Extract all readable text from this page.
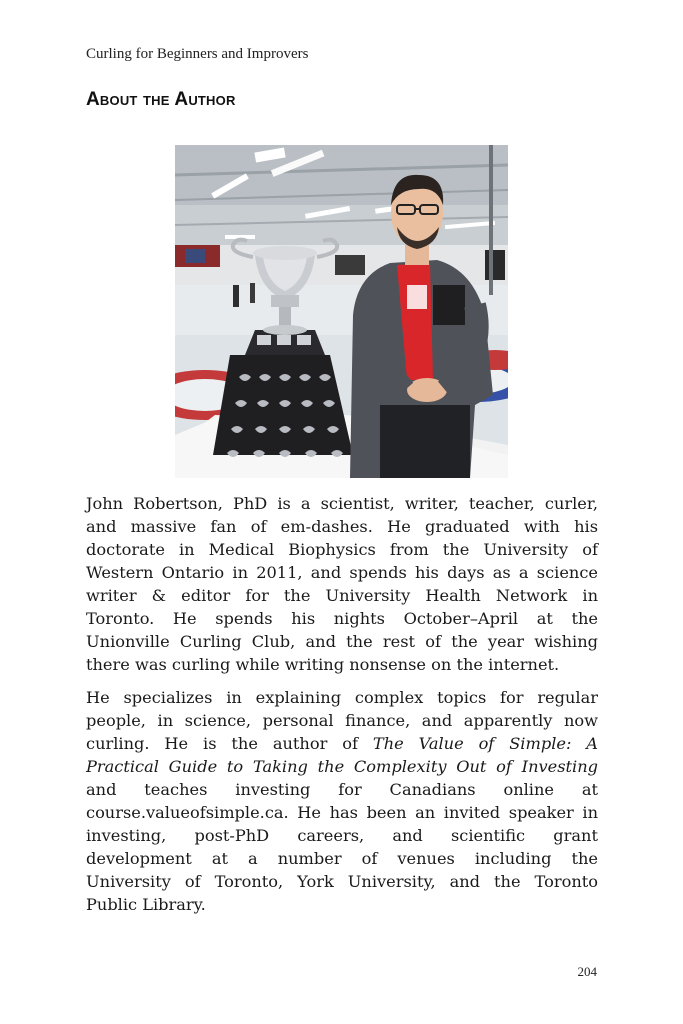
Curling for Beginners and Improvers
About the Author
John Robertson, PhD is a scientist, writer, teacher, curler,
and massive fan of em-dashes. He graduated with his
doctorate in Medical Biophysics from the University of
Western Ontario in 2011, and spends his days as a science
writer & editor for the University Health Network in
Toronto. He spends his nights October–April at the
Unionville Curling Club, and the rest of the year wishing
there was curling while writing nonsense on the internet.
He specializes in explaining complex topics for regular
people, in science, personal finance, and apparently now
curling. He is the author of The Value of Simple: A
Practical Guide to Taking the Complexity Out of Investing
and teaches investing for Canadians online at
course.valueofsimple.ca. He has been an invited speaker in
investing, post-PhD careers, and scientific grant
development at a number of venues including the
University of Toronto, York University, and the Toronto
Public Library.
204
